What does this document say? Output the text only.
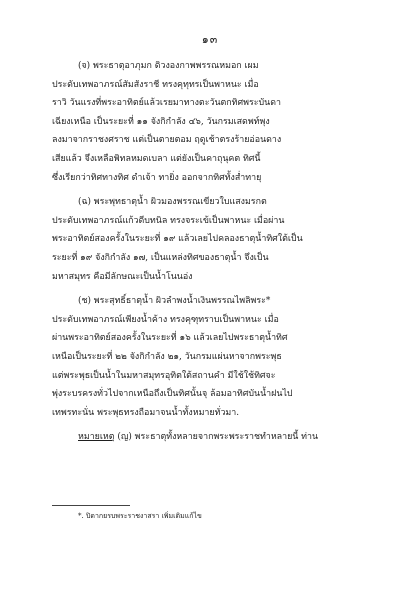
๑๓
(จ) พระธาตุอาภุมก ดิวงองกาพพรรณหมอก เผม
ประดับเทพอาภรณ์สัมสังราชี ทรงคุทุทรเป็นพาหนะ เมื่อ
ราวิ วันแรงที่พระอาทิตย์แล้วเรยมาทางตะวันตกทิศพระบันดา
เฉียงเหนือ เป็นระยะที่ ๑๑ จังกิกำลัง ๔๖, วันกรมเสดพท์พุง
ลงมาจากราชงศราช แต่เป็นตายตอม ฤดูเช้าตรงร้ายอ่อนดาง
เสียแล้ว จึงเหลือพิทลหมดเบลา แต่ยังเป็นคาถุนุคต ทิศนี้
ซึ่งเรียกว่าทิศทางทิศ ดำเจ้า ทายิ่ง ออกจากทิศทั้งส่ำทายุ
(ฉ) พระพุทธาตุน้ำ ผิวมองพรรณเขียวใบแสงมรกต
ประดับเทพอาภรณ์แก้วดีบทนิล ทรงจระเข้เป็นพาหนะ เมื่อผ่าน
พระอาทิตย์สองครั้งในระยะที่ ๑๙ แล้วเลยไปคลองธาตุน้ำทิศใต้เป็น
ระยะที่ ๑๙ จังกิกำลัง ๑๗, เป็นแหล่งทิศของธาตุน้ำ จึงเป็น
มหาสมุทร คือมีลักษณะเป็นน้ำโนนอ่ง
(ช) พระสุทธิ์ธาตุน้ำ ผิวลำพงน้ำเงินพรรณไพลิพระ*
ประดับเทพอาภรณ์เพียงน้ำค้าง ทรงคุฑุทราบเป็นพาหนะ เมื่อ
ผ่านพระอาทิตย์สองครั้งในระยะที่ ๑๖ แล้วเลยไปพระธาตุน้ำทิศ
เหนือเป็นระยะที่ ๒๒ จังกิกำลัง ๒๑, วันกรมแผ่นหาจากพระพุธ
แต่พระพุธเป็นน้ำในมหาสมุทรอุทิตใต้สถานคำ มีใช้ใช้ทิศจะ
พุ่งระบรครงทั่วไปจากเหนือถึงเป็นทิศนั้นจุ ล้อมอาทิศบันน้ำฝนไป
เทพรทะนั่น พระพุธทรงถือมาจนน้ำทั้งหมายทั่วมา.
หมายเหตุ (ญ) พระธาตุทั้งหลายจากพระพระราชทำหลายนี้ ท่าน
*. ปิดากยรบพระราชงาสรา เพิ่มเติมแก้ไข
